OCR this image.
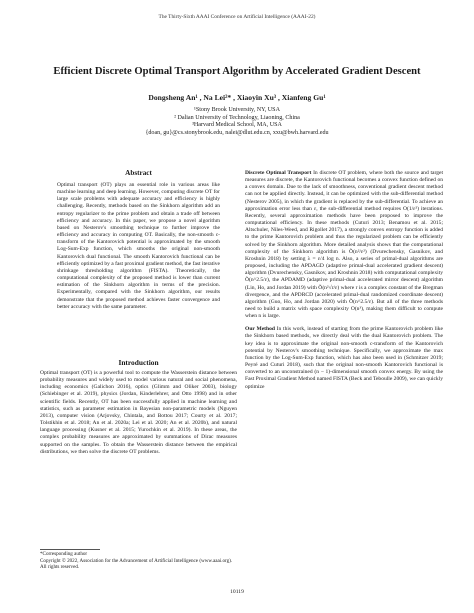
The Thirty-Sixth AAAI Conference on Artificial Intelligence (AAAI-22)
Efficient Discrete Optimal Transport Algorithm by Accelerated Gradient Descent
Dongsheng An¹ , Na Lei²* , Xiaoyin Xu³ , Xianfeng Gu¹
¹Stony Brook University, NY, USA
² Dalian University of Technology, Liaoning, China
³Harvard Medical School, MA, USA
{doan, gu}@cs.stonybrook.edu, nalei@dlut.edu.cn, xxu@bwh.harvard.edu
Abstract
Optimal transport (OT) plays an essential role in various areas like machine learning and deep learning. However, computing discrete OT for large scale problems with adequate accuracy and efficiency is highly challenging. Recently, methods based on the Sinkhorn algorithm add an entropy regularizer to the prime problem and obtain a trade off between efficiency and accuracy. In this paper, we propose a novel algorithm based on Nesterov's smoothing technique to further improve the efficiency and accuracy in computing OT. Basically, the non-smooth c-transform of the Kantorovich potential is approximated by the smooth Log-Sum-Exp function, which smooths the original non-smooth Kantorovich dual functional. The smooth Kantorovich functional can be efficiently optimized by a fast proximal gradient method, the fast iterative shrinkage thresholding algorithm (FISTA). Theoretically, the computational complexity of the proposed method is lower than current estimation of the Sinkhorn algorithm in terms of the precision. Experimentally, compared with the Sinkhorn algorithm, our results demonstrate that the proposed method achieves faster convergence and better accuracy with the same parameter.
Introduction

Optimal transport (OT) is a powerful tool to compute the Wasserstein distance between probability measures and widely used to model various natural and social phenomena, including economics (Galichon 2016), optics (Glimm and Oliker 2003), biology (Schiebinger et al. 2019), physics (Jordan, Kinderlehrer, and Otto 1998) and in other scientific fields. Recently, OT has been successfully applied in machine learning and statistics, such as parameter estimation in Bayesian non-parametric models (Nguyen 2013), computer vision (Arjovsky, Chintala, and Bottou 2017; Courty et al. 2017; Tolstikhin et al. 2018; An et al. 2020a; Lei et al. 2020; An et al. 2020b), and natural language processing (Kusner et al. 2015; Yurochkin et al. 2019). In these areas, the complex probability measures are approximated by summations of Dirac measures supported on the samples. To obtain the Wasserstein distance between the empirical distributions, we then solve the discrete OT problems.

*Corresponding author
Copyright © 2022, Association for the Advancement of Artificial Intelligence (www.aaai.org). All rights reserved.

Discrete Optimal Transport In discrete OT problem, where both the source and target measures are discrete, the Kantorovich functional becomes a convex function defined on a convex domain. Due to the lack of smoothness, conventional gradient descent method can not be applied directly. Instead, it can be optimized with the sub-differential method (Nesterov 2005), in which the gradient is replaced by the sub-differential. To achieve an approximation error less than ε, the sub-differential method requires O(1/ε²) iterations. Recently, several approximation methods have been proposed to improve the computational efficiency. In these methods (Cuturi 2013; Benamou et al. 2015; Altschuler, Niles-Weed, and Rigollet 2017), a strongly convex entropy function is added to the prime Kantorovich problem and thus the regularized problem can be efficiently solved by the Sinkhorn algorithm. More detailed analysis shows that the computational complexity of the Sinkhorn algorithm is Õ(n²/ε²) (Dvurechensky, Gasnikov, and Kroshnin 2018) by setting λ = ε/4 log n. Also, a series of primal-dual algorithms are proposed, including the APDAGD (adaptive primal-dual accelerated gradient descent) algorithm (Dvurechensky, Gasnikov, and Kroshnin 2018) with computational complexity Õ(n^2.5/ε), the APDAMD (adaptive primal-dual accelerated mirror descent) algorithm (Lin, Ho, and Jordan 2019) with Õ(n²√r/ε) where r is a complex constant of the Bregman divergence, and the APDRCD (accelerated primal-dual randomized coordinate descent) algorithm (Guo, Ho, and Jordan 2020) with Õ(n^2.5/ε). But all of the three methods need to build a matrix with space complexity O(n³), making them difficult to compute when n is large.

Our Method In this work, instead of starting from the prime Kantorovich problem like the Sinkhorn based methods, we directly deal with the dual Kantorovich problem. The key idea is to approximate the original non-smooth c-transform of the Kantorovich potential by Nesterov's smoothing technique. Specifically, we approximate the max function by the Log-Sum-Exp function, which has also been used in (Schmitzer 2019; Peyré and Cuturi 2018), such that the original non-smooth Kantorovich functional is converted to an unconstrained (n − 1)-dimensional smooth convex energy. By using the Fast Proximal Gradient Method named FISTA (Beck and Teboulle 2009), we can quickly optimize

10119
